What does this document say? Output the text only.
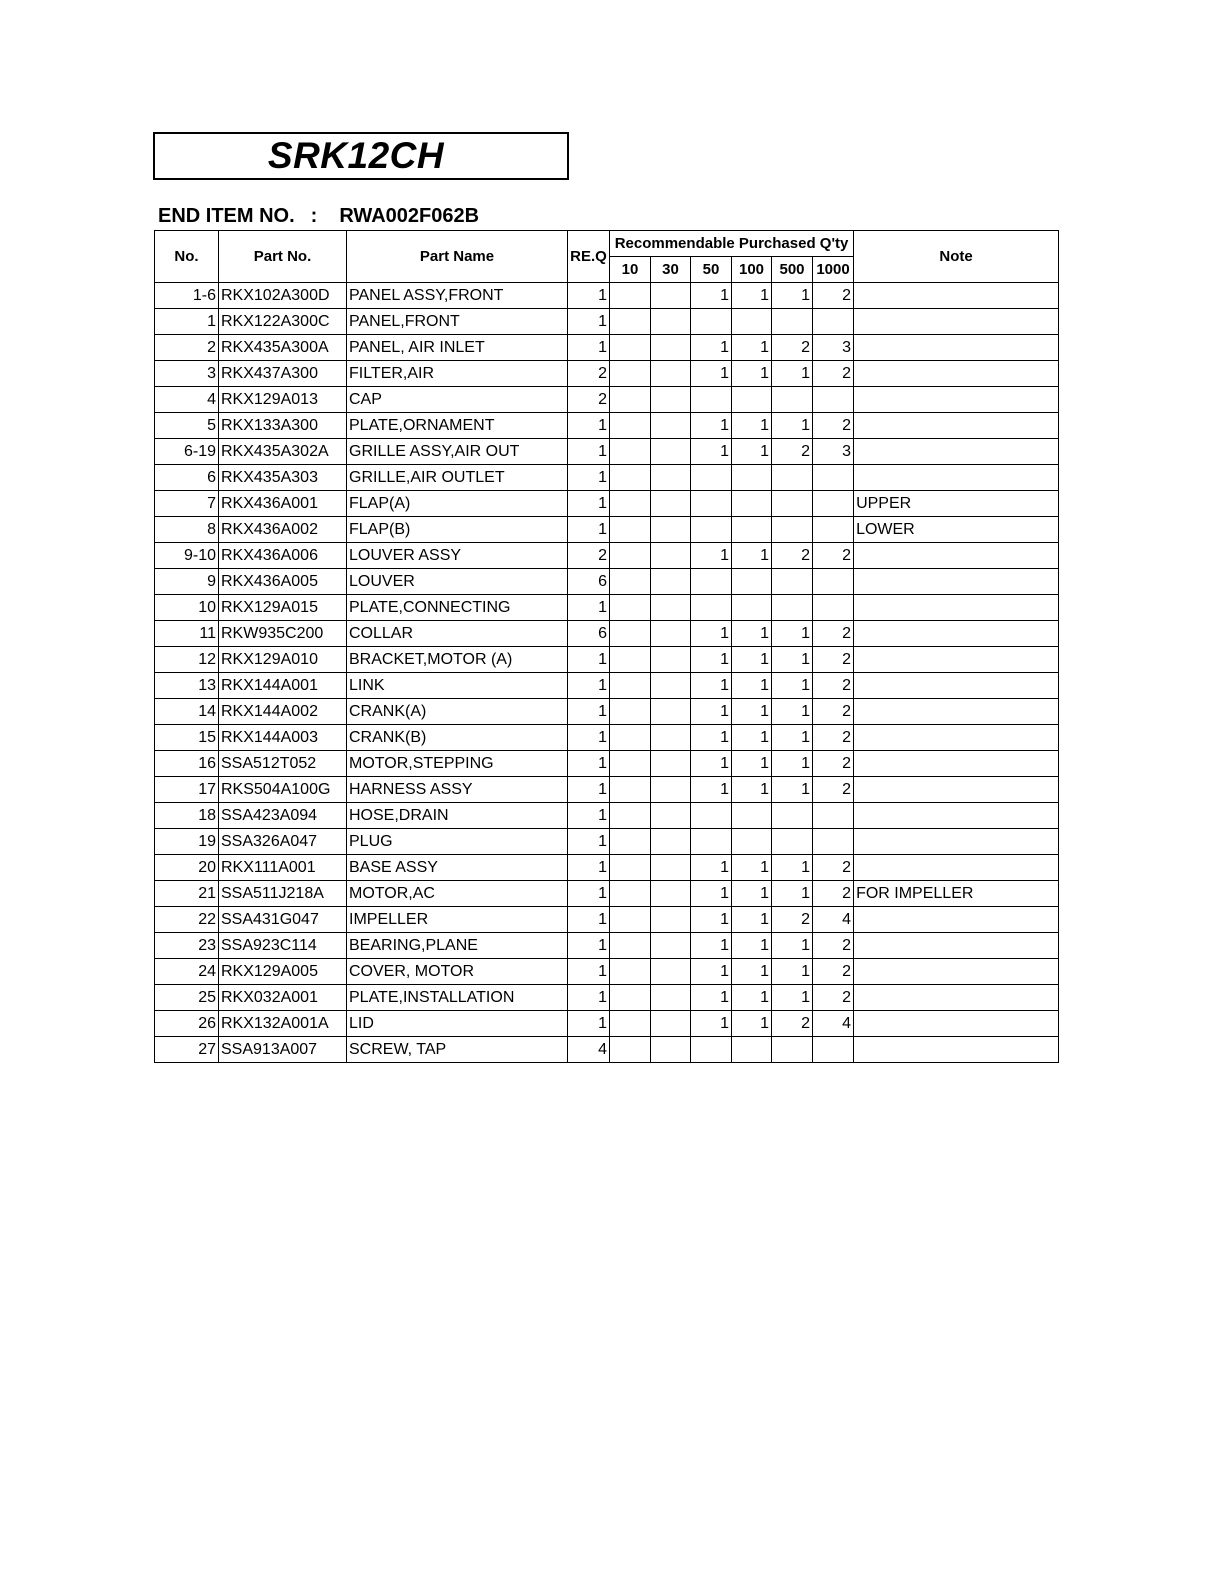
SRK12CH
END ITEM NO. : RWA002F062B
No.	Part No.	Part Name	RE.Q	Recommendable Purchased Q'ty						Note
				10	30	50	100	500	1000	
1-6	RKX102A300D	PANEL ASSY,FRONT	1			1	1	1	2	
1	RKX122A300C	PANEL,FRONT	1							
2	RKX435A300A	PANEL, AIR INLET	1			1	1	2	3	
3	RKX437A300	FILTER,AIR	2			1	1	1	2	
4	RKX129A013	CAP	2							
5	RKX133A300	PLATE,ORNAMENT	1			1	1	1	2	
6-19	RKX435A302A	GRILLE ASSY,AIR OUT	1			1	1	2	3	
6	RKX435A303	GRILLE,AIR OUTLET	1							
7	RKX436A001	FLAP(A)	1							UPPER
8	RKX436A002	FLAP(B)	1							LOWER
9-10	RKX436A006	LOUVER ASSY	2			1	1	2	2	
9	RKX436A005	LOUVER	6							
10	RKX129A015	PLATE,CONNECTING	1							
11	RKW935C200	COLLAR	6			1	1	1	2	
12	RKX129A010	BRACKET,MOTOR (A)	1			1	1	1	2	
13	RKX144A001	LINK	1			1	1	1	2	
14	RKX144A002	CRANK(A)	1			1	1	1	2	
15	RKX144A003	CRANK(B)	1			1	1	1	2	
16	SSA512T052	MOTOR,STEPPING	1			1	1	1	2	
17	RKS504A100G	HARNESS ASSY	1			1	1	1	2	
18	SSA423A094	HOSE,DRAIN	1							
19	SSA326A047	PLUG	1							
20	RKX111A001	BASE ASSY	1			1	1	1	2	
21	SSA511J218A	MOTOR,AC	1			1	1	1	2	FOR IMPELLER
22	SSA431G047	IMPELLER	1			1	1	2	4	
23	SSA923C114	BEARING,PLANE	1			1	1	1	2	
24	RKX129A005	COVER, MOTOR	1			1	1	1	2	
25	RKX032A001	PLATE,INSTALLATION	1			1	1	1	2	
26	RKX132A001A	LID	1			1	1	2	4	
27	SSA913A007	SCREW, TAP	4							
